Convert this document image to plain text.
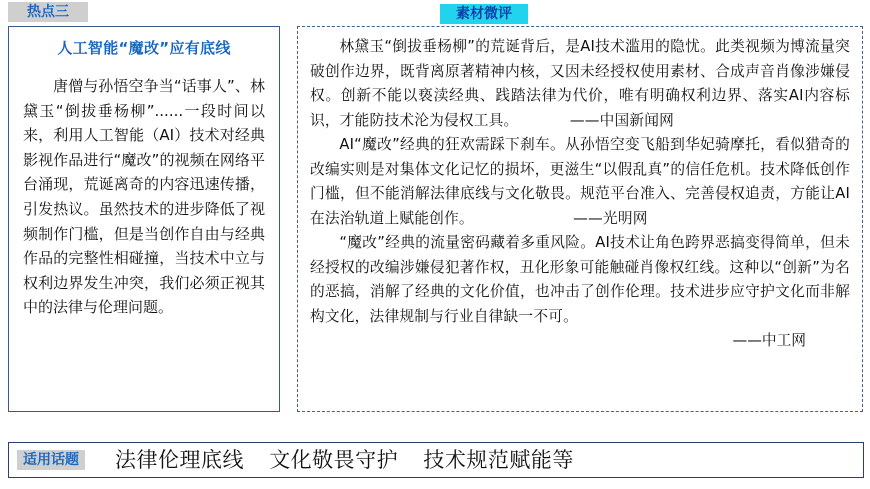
热点三	素材微评
人工智能“魔改”应有底线

唐僧与孙悟空争当“话事人”、林黛玉“倒拔垂杨柳”......一段时间以来，利用人工智能（AI）技术对经典影视作品进行“魔改”的视频在网络平台涌现，荒诞离奇的内容迅速传播，引发热议。虽然技术的进步降低了视频制作门槛，但是当创作自由与经典作品的完整性相碰撞，当技术中立与权利边界发生冲突，我们必须正视其中的法律与伦理问题。

林黛玉“倒拔垂杨柳”的荒诞背后，是AI技术滥用的隐忧。此类视频为博流量突破创作边界，既背离原著精神内核，又因未经授权使用素材、合成声音肖像涉嫌侵权。创新不能以亵渎经典、践踏法律为代价，唯有明确权利边界、落实AI内容标识，才能防技术沦为侵权工具。	——中国新闻网

AI“魔改”经典的狂欢需踩下刹车。从孙悟空变飞船到华妃骑摩托，看似猎奇的改编实则是对集体文化记忆的损坏，更滋生“以假乱真”的信任危机。技术降低创作门槛，但不能消解法律底线与文化敬畏。规范平台准入、完善侵权追责，方能让AI在法治轨道上赋能创作。	——光明网

“魔改”经典的流量密码藏着多重风险。AI技术让角色跨界恶搞变得简单，但未经授权的改编涉嫌侵犯著作权，丑化形象可能触碰肖像权红线。这种以“创新”为名的恶搞，消解了经典的文化价值，也冲击了创作伦理。技术进步应守护文化而非解构文化，法律规制与行业自律缺一不可。

——中工网
适用话题 法律伦理底线 文化敬畏守护 技术规范赋能等
